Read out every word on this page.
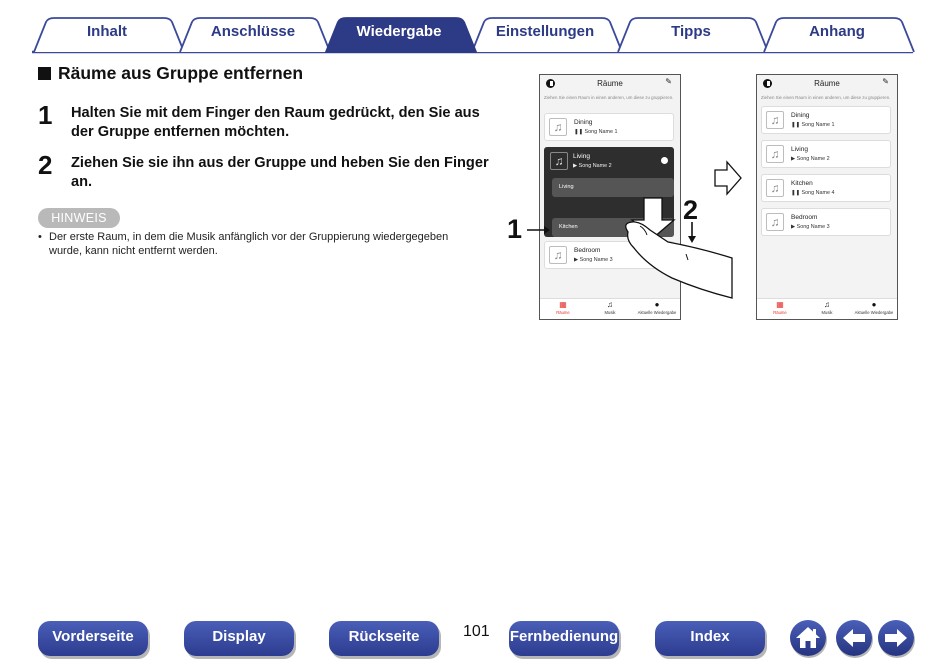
Inhalt	Anschlüsse	Wiedergabe	Einstellungen	Tipps	Anhang
Räume aus Gruppe entfernen
1 Halten Sie mit dem Finger den Raum gedrückt, den Sie aus der Gruppe entfernen möchten.
2 Ziehen Sie sie ihn aus der Gruppe und heben Sie den Finger an.
HINWEIS
• Der erste Raum, in dem die Musik anfänglich vor der Gruppierung wiedergegeben wurde, kann nicht entfernt werden.
Räume	✎
Ziehen Sie einen Raum in einen anderen, um diese zu gruppieren.
♫	Dining
❚❚ Song Name 1
♫	Living
▶ Song Name 2
Living
Kitchen
♫	Bedroom
▶ Song Name 3
▦
Räume
♫
Musik
●
Aktuelle Wiedergabe
1
2
Räume	✎
Ziehen Sie einen Raum in einen anderen, um diese zu gruppieren.
♫	Dining
❚❚ Song Name 1
♫	Living
▶ Song Name 2
♫	Kitchen
❚❚ Song Name 4
♫	Bedroom
▶ Song Name 3
▦
Räume
♫
Musik
●
Aktuelle Wiedergabe
Vorderseite	Display	Rückseite	101 Fernbedienung	Index
